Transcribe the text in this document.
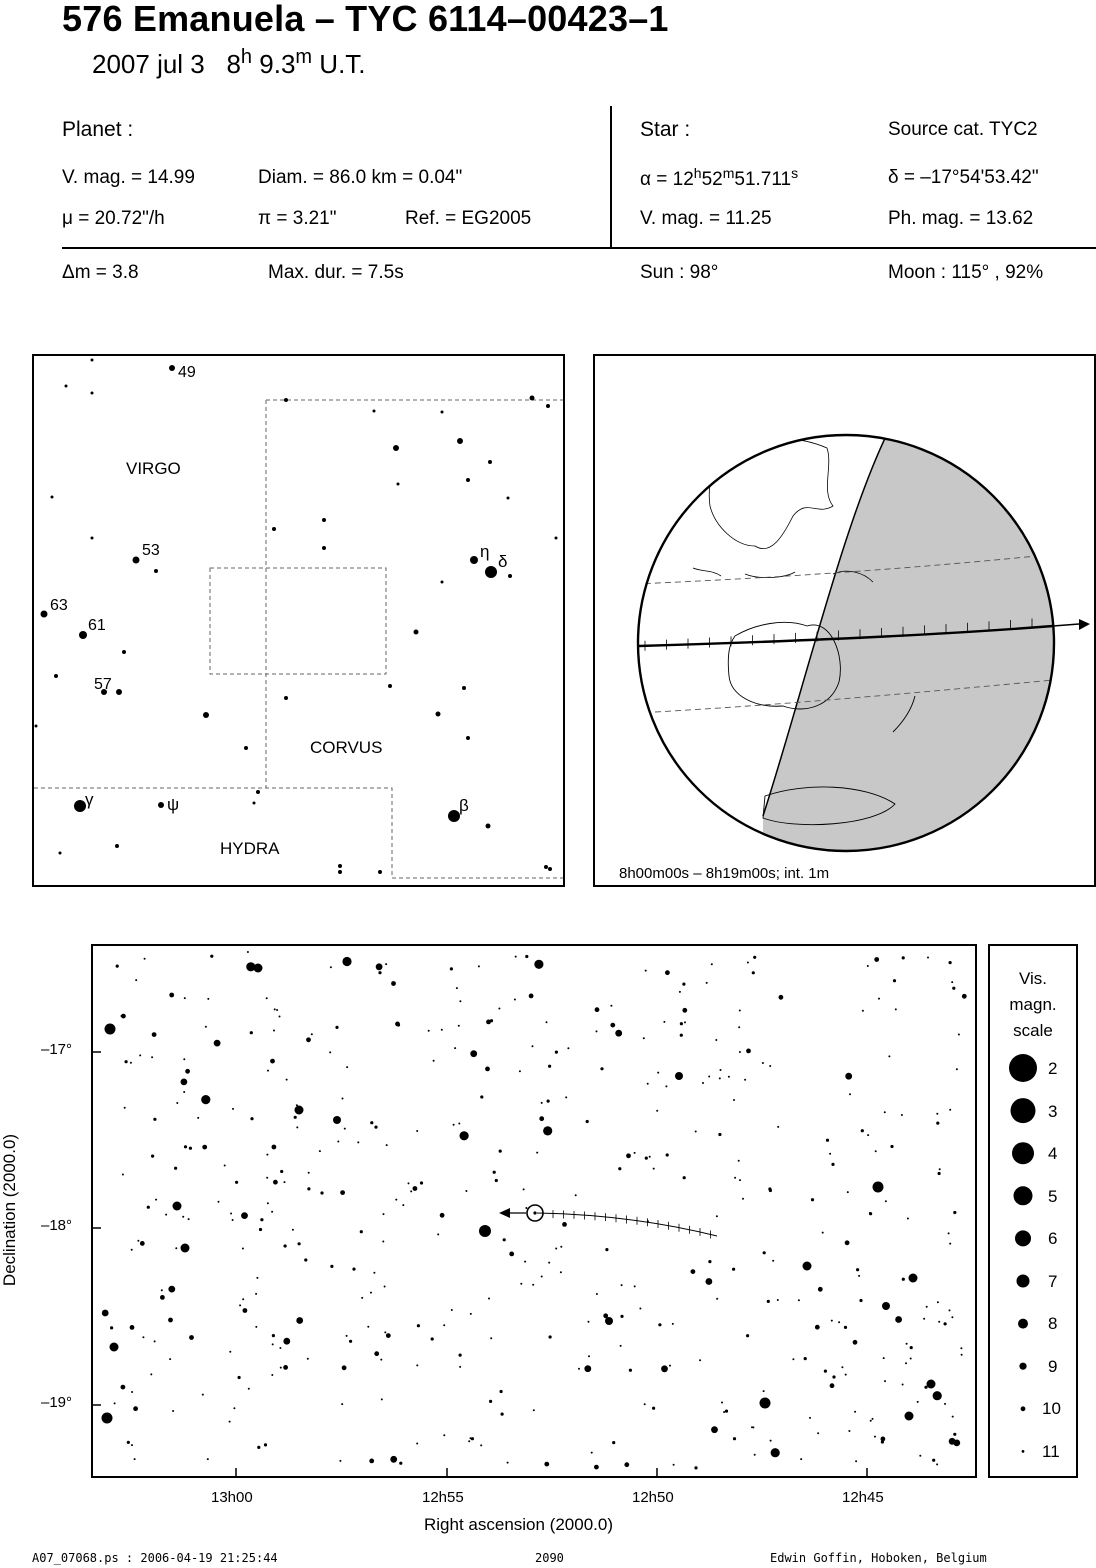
576 Emanuela – TYC 6114–00423–1
2007 jul 3 8$^h$ 9.3$^m$ U.T.
Planet :
V. mag. = 14.99	Diam. = 86.0 km = 0.04"
μ = 20.72"/h	π = 3.21"	Ref. = EG2005
Star :	Source cat. TYC2
$\alpha = 12^h52^m51.711^s$	δ = –17°54'53.42"
V. mag. = 11.25	Ph. mag. = 13.62
Δm = 3.8	Max. dur. = 7.5s	Sun : 98°	Moon : 115° , 92%
VIRGO
CORVUS
HYDRA
49
53
63
61
57
η
δ
γ	ψ	β
8h00m00s – 8h19m00s; int. 1m
Declination (2000.0)
–17°
–18°
–19°
13h00	12h55	12h50	12h45
Right ascension (2000.0)
Vis.
magn.
scale
2
3
4
5
6
7
8
9
10
11
A07_07068.ps : 2006-04-19 21:25:44	2090	Edwin Goffin, Hoboken, Belgium
